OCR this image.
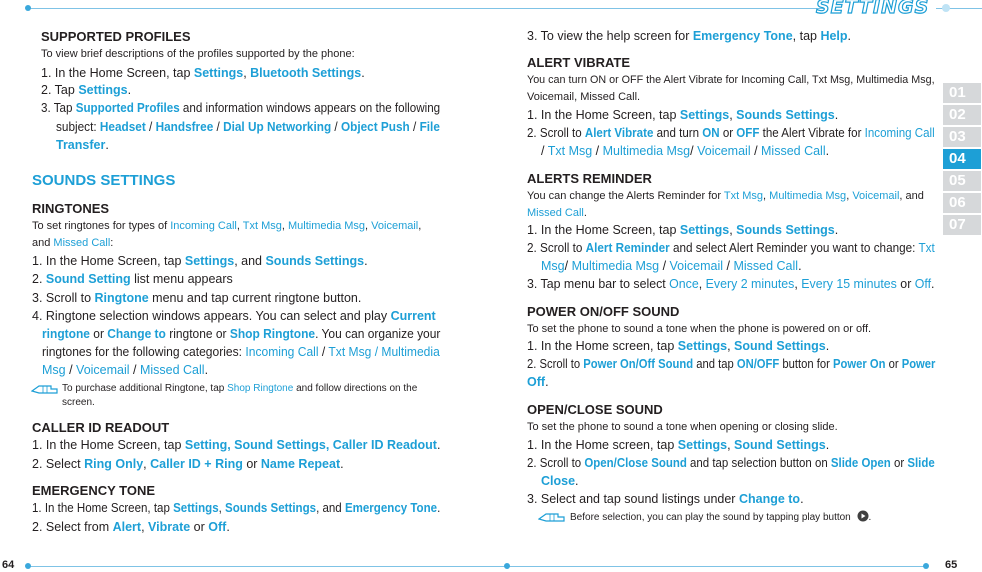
SETTINGS
64	65
01
02
03
04
05
06
07
SUPPORTED PROFILES
To view brief descriptions of the profiles supported by the phone:
1. In the Home Screen, tap Settings, Bluetooth Settings.
2. Tap Settings.
3. Tap Supported Profiles and information windows appears on the following
subject: Headset / Handsfree / Dial Up Networking / Object Push / File
Transfer.
SOUNDS SETTINGS
RINGTONES
To set ringtones for types of Incoming Call, Txt Msg, Multimedia Msg, Voicemail,
and Missed Call:
1. In the Home Screen, tap Settings, and Sounds Settings.
2. Sound Setting list menu appears
3. Scroll to Ringtone menu and tap current ringtone button.
4. Ringtone selection windows appears. You can select and play Current
ringtone or Change to ringtone or Shop Ringtone. You can organize your
ringtones for the following categories: Incoming Call / Txt Msg / Multimedia
Msg / Voicemail / Missed Call.
To purchase additional Ringtone, tap Shop Ringtone and follow directions on the
screen.
CALLER ID READOUT
1. In the Home Screen, tap Setting, Sound Settings, Caller ID Readout.
2. Select Ring Only, Caller ID + Ring or Name Repeat.
EMERGENCY TONE
1. In the Home Screen, tap Settings, Sounds Settings, and Emergency Tone.
2. Select from Alert, Vibrate or Off.
3. To view the help screen for Emergency Tone, tap Help.
ALERT VIBRATE
You can turn ON or OFF the Alert Vibrate for Incoming Call, Txt Msg, Multimedia Msg,
Voicemail, Missed Call.
1. In the Home Screen, tap Settings, Sounds Settings.
2. Scroll to Alert Vibrate and turn ON or OFF the Alert Vibrate for Incoming Call
/ Txt Msg / Multimedia Msg/ Voicemail / Missed Call.
ALERTS REMINDER
You can change the Alerts Reminder for Txt Msg, Multimedia Msg, Voicemail, and
Missed Call.
1. In the Home Screen, tap Settings, Sounds Settings.
2. Scroll to Alert Reminder and select Alert Reminder you want to change: Txt
Msg/ Multimedia Msg / Voicemail / Missed Call.
3. Tap menu bar to select Once, Every 2 minutes, Every 15 minutes or Off.
POWER ON/OFF SOUND
To set the phone to sound a tone when the phone is powered on or off.
1. In the Home screen, tap Settings, Sound Settings.
2. Scroll to Power On/Off Sound and tap ON/OFF button for Power On or Power
Off.
OPEN/CLOSE SOUND
To set the phone to sound a tone when opening or closing slide.
1. In the Home screen, tap Settings, Sound Settings.
2. Scroll to Open/Close Sound and tap selection button on Slide Open or Slide
Close.
3. Select and tap sound listings under Change to.
Before selection, you can play the sound by tapping play button .
